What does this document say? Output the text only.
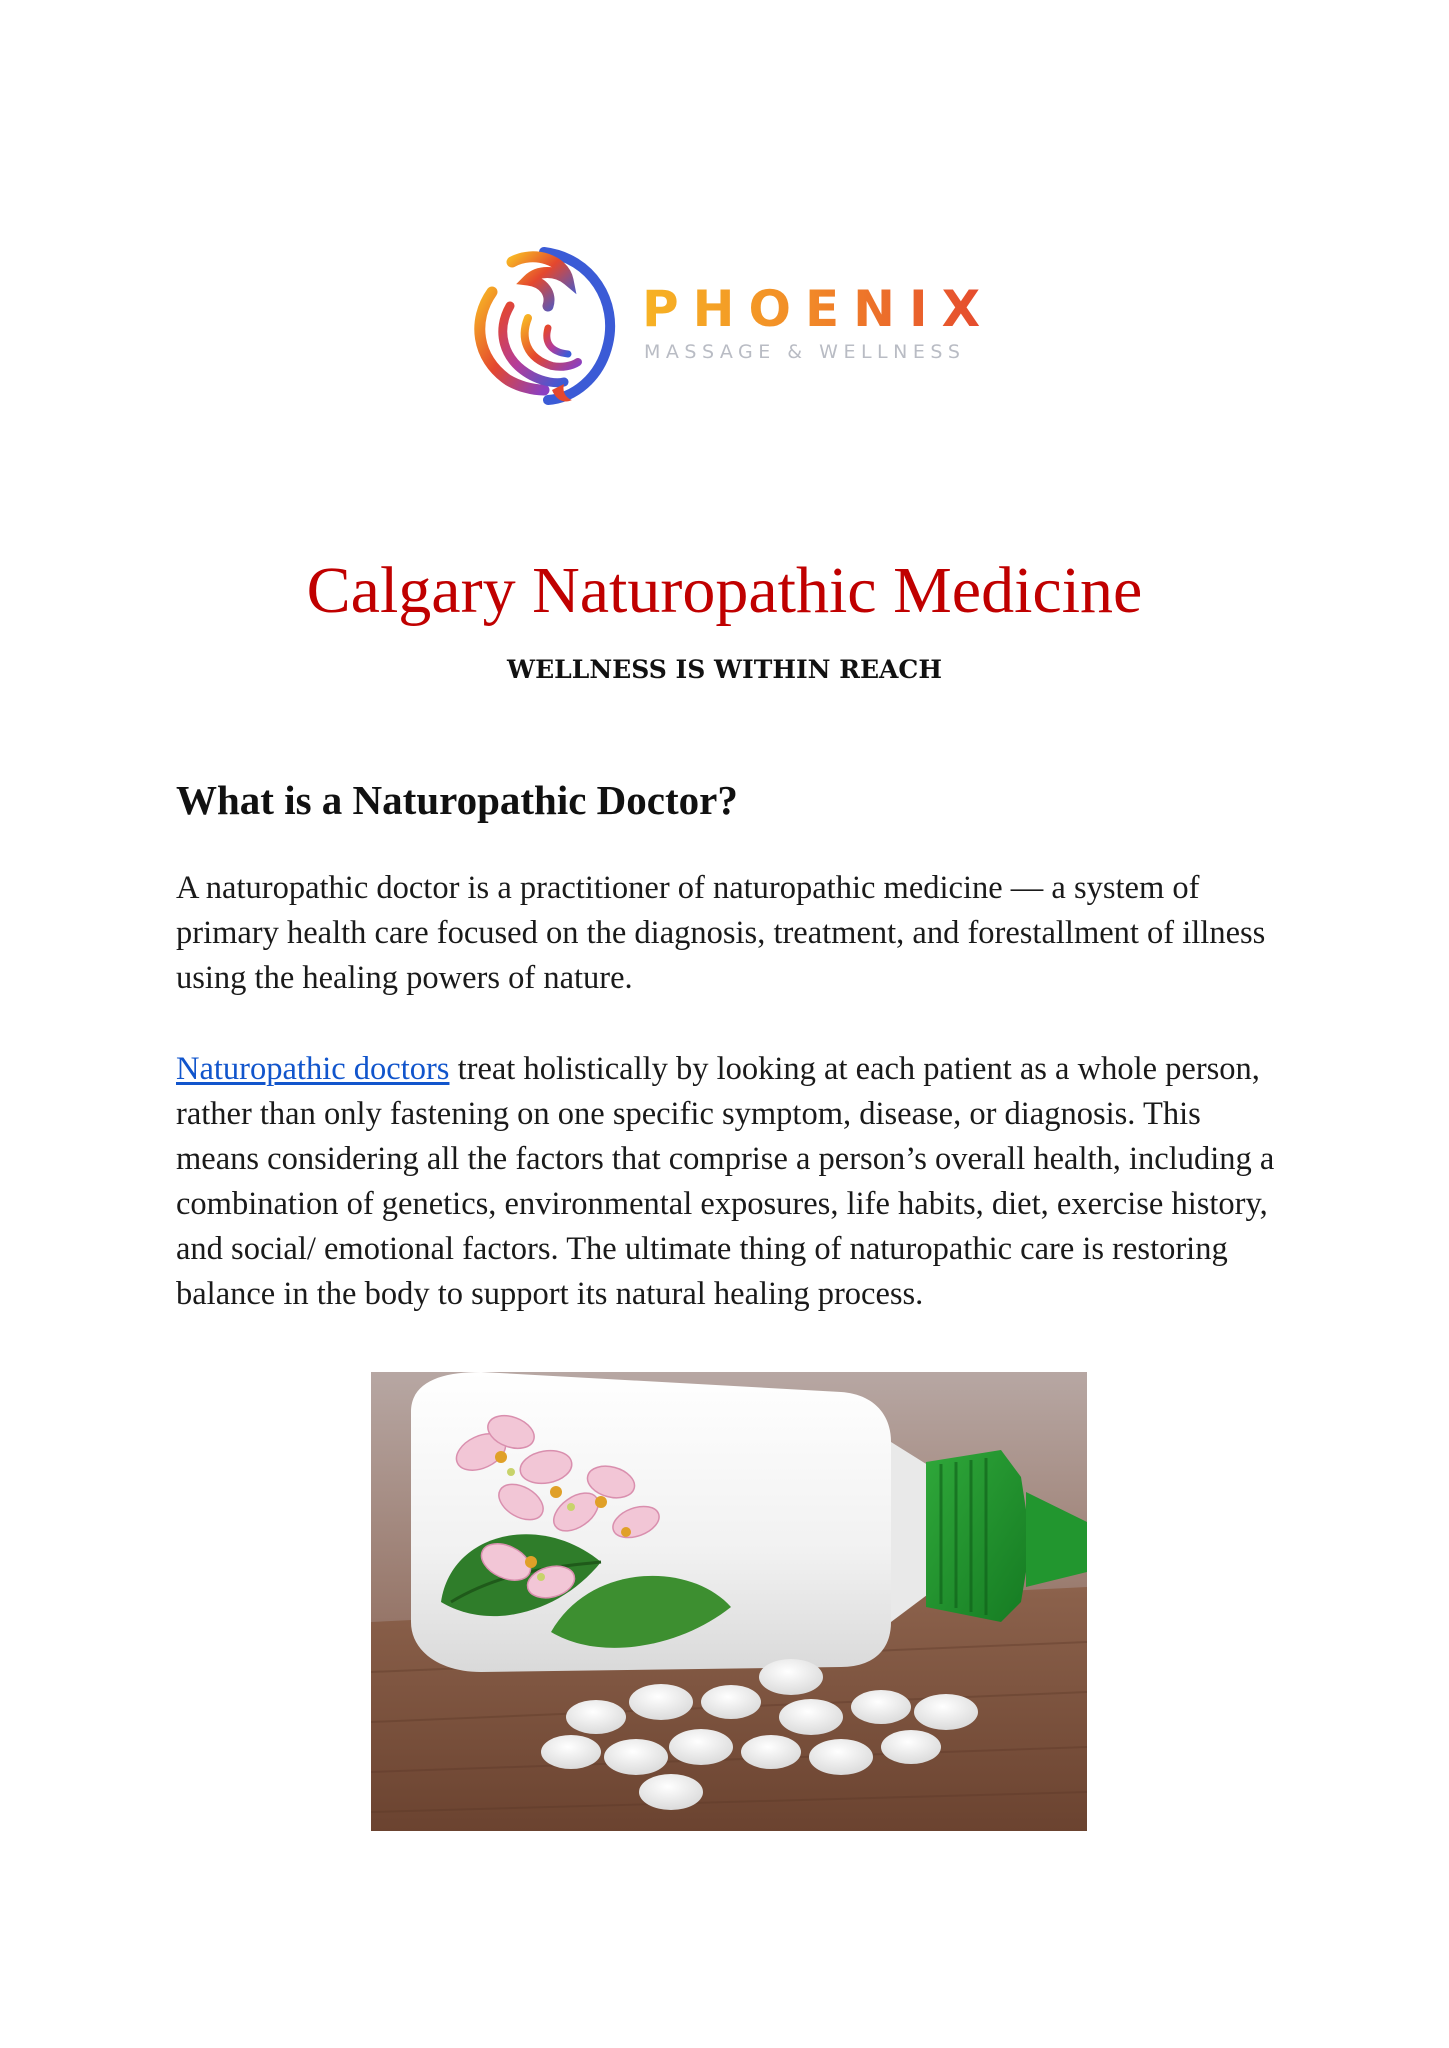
PHOENIX
MASSAGE & WELLNESS
Calgary Naturopathic Medicine
WELLNESS IS WITHIN REACH
What is a Naturopathic Doctor?

A naturopathic doctor is a practitioner of naturopathic medicine — a system of primary health care focused on the diagnosis, treatment, and forestallment of illness using the healing powers of nature.

Naturopathic doctors treat holistically by looking at each patient as a whole person, rather than only fastening on one specific symptom, disease, or diagnosis. This means considering all the factors that comprise a person’s overall health, including a combination of genetics, environmental exposures, life habits, diet, exercise history, and social/ emotional factors. The ultimate thing of naturopathic care is restoring balance in the body to support its natural healing process.
